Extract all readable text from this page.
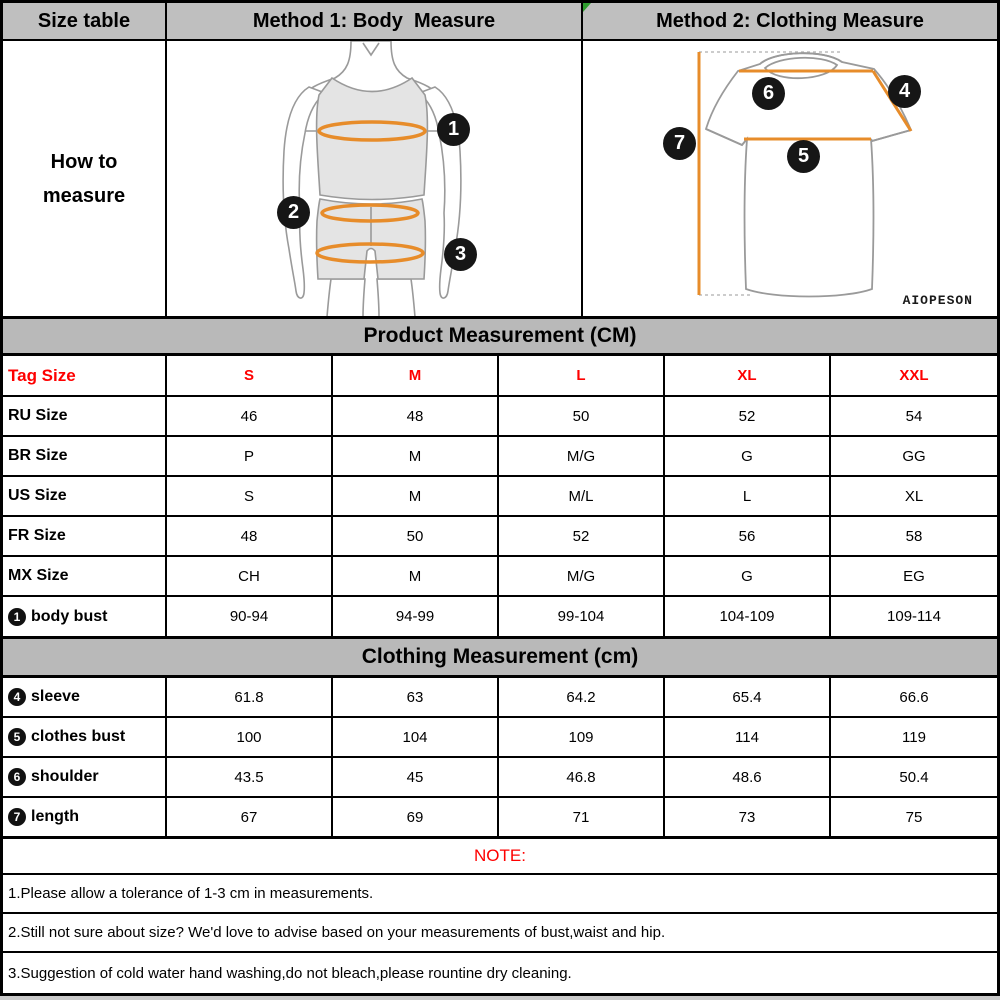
Size table	Method 1: Body  Measure	Method 2: Clothing Measure
How to
measure
1
2
3
4
5
6
7
AIOPESON
Product Measurement (CM)
Tag Size	S	M	L	XL	XXL
RU Size	46	48	50	52	54
BR Size	P	M	M/G	G	GG
US Size	S	M	M/L	L	XL
FR Size	48	50	52	56	58
MX Size	CH	M	M/G	G	EG
1 body bust	90-94	94-99	99-104	104-109	109-114
Clothing Measurement (cm)
4 sleeve	61.8	63	64.2	65.4	66.6
5 clothes bust	100	104	109	114	119
6 shoulder	43.5	45	46.8	48.6	50.4
7 length	67	69	71	73	75
NOTE:
1.Please allow a tolerance of 1-3 cm in measurements.
2.Still not sure about size? We'd love to advise based on your measurements of bust,waist and hip.
3.Suggestion of cold water hand washing,do not bleach,please rountine dry cleaning.
